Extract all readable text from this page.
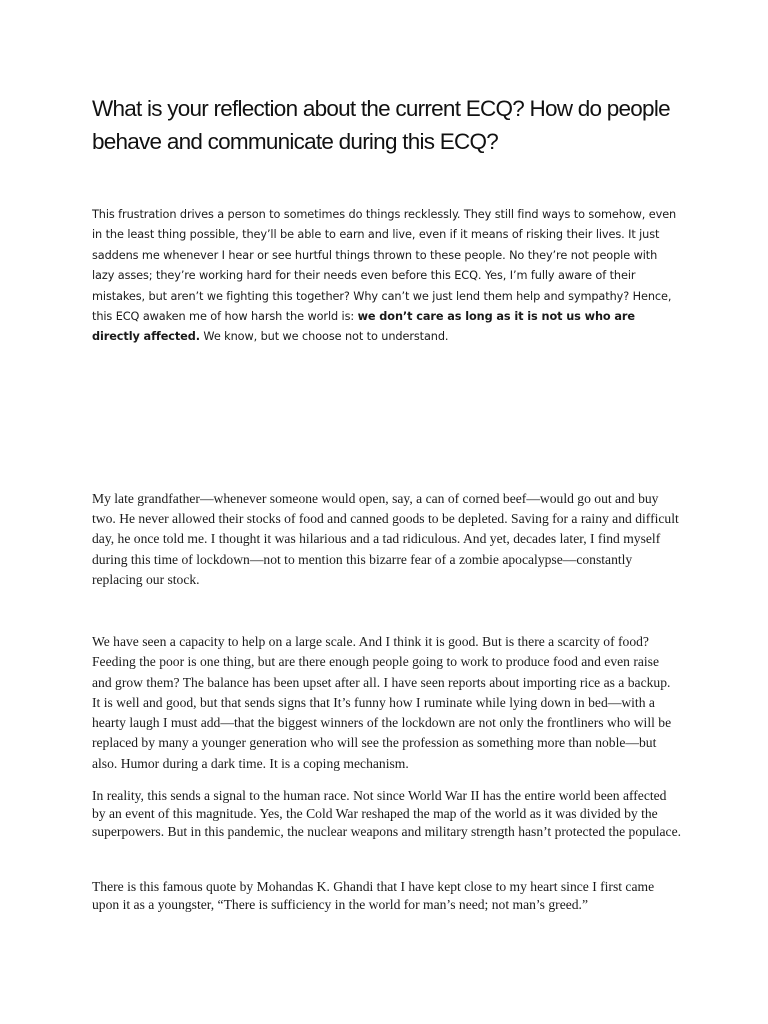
What is your reflection about the current ECQ? How do people behave and communicate during this ECQ?

This frustration drives a person to sometimes do things recklessly. They still find ways to somehow, even in the least thing possible, they’ll be able to earn and live, even if it means of risking their lives. It just saddens me whenever I hear or see hurtful things thrown to these people. No they’re not people with lazy asses; they’re working hard for their needs even before this ECQ. Yes, I’m fully aware of their mistakes, but aren’t we fighting this together? Why can’t we just lend them help and sympathy? Hence, this ECQ awaken me of how harsh the world is: we don’t care as long as it is not us who are directly affected. We know, but we choose not to understand.

My late grandfather—whenever someone would open, say, a can of corned beef—would go out and buy two. He never allowed their stocks of food and canned goods to be depleted. Saving for a rainy and difficult day, he once told me. I thought it was hilarious and a tad ridiculous. And yet, decades later, I find myself during this time of lockdown—not to mention this bizarre fear of a zombie apocalypse—constantly replacing our stock.

We have seen a capacity to help on a large scale. And I think it is good. But is there a scarcity of food? Feeding the poor is one thing, but are there enough people going to work to produce food and even raise and grow them? The balance has been upset after all. I have seen reports about importing rice as a backup. It is well and good, but that sends signs that It’s funny how I ruminate while lying down in bed—with a hearty laugh I must add—that the biggest winners of the lockdown are not only the frontliners who will be replaced by many a younger generation who will see the profession as something more than noble—but also. Humor during a dark time. It is a coping mechanism.

In reality, this sends a signal to the human race. Not since World War II has the entire world been affected by an event of this magnitude. Yes, the Cold War reshaped the map of the world as it was divided by the superpowers. But in this pandemic, the nuclear weapons and military strength hasn’t protected the populace.

There is this famous quote by Mohandas K. Ghandi that I have kept close to my heart since I first came upon it as a youngster, “There is sufficiency in the world for man’s need; not man’s greed.”
